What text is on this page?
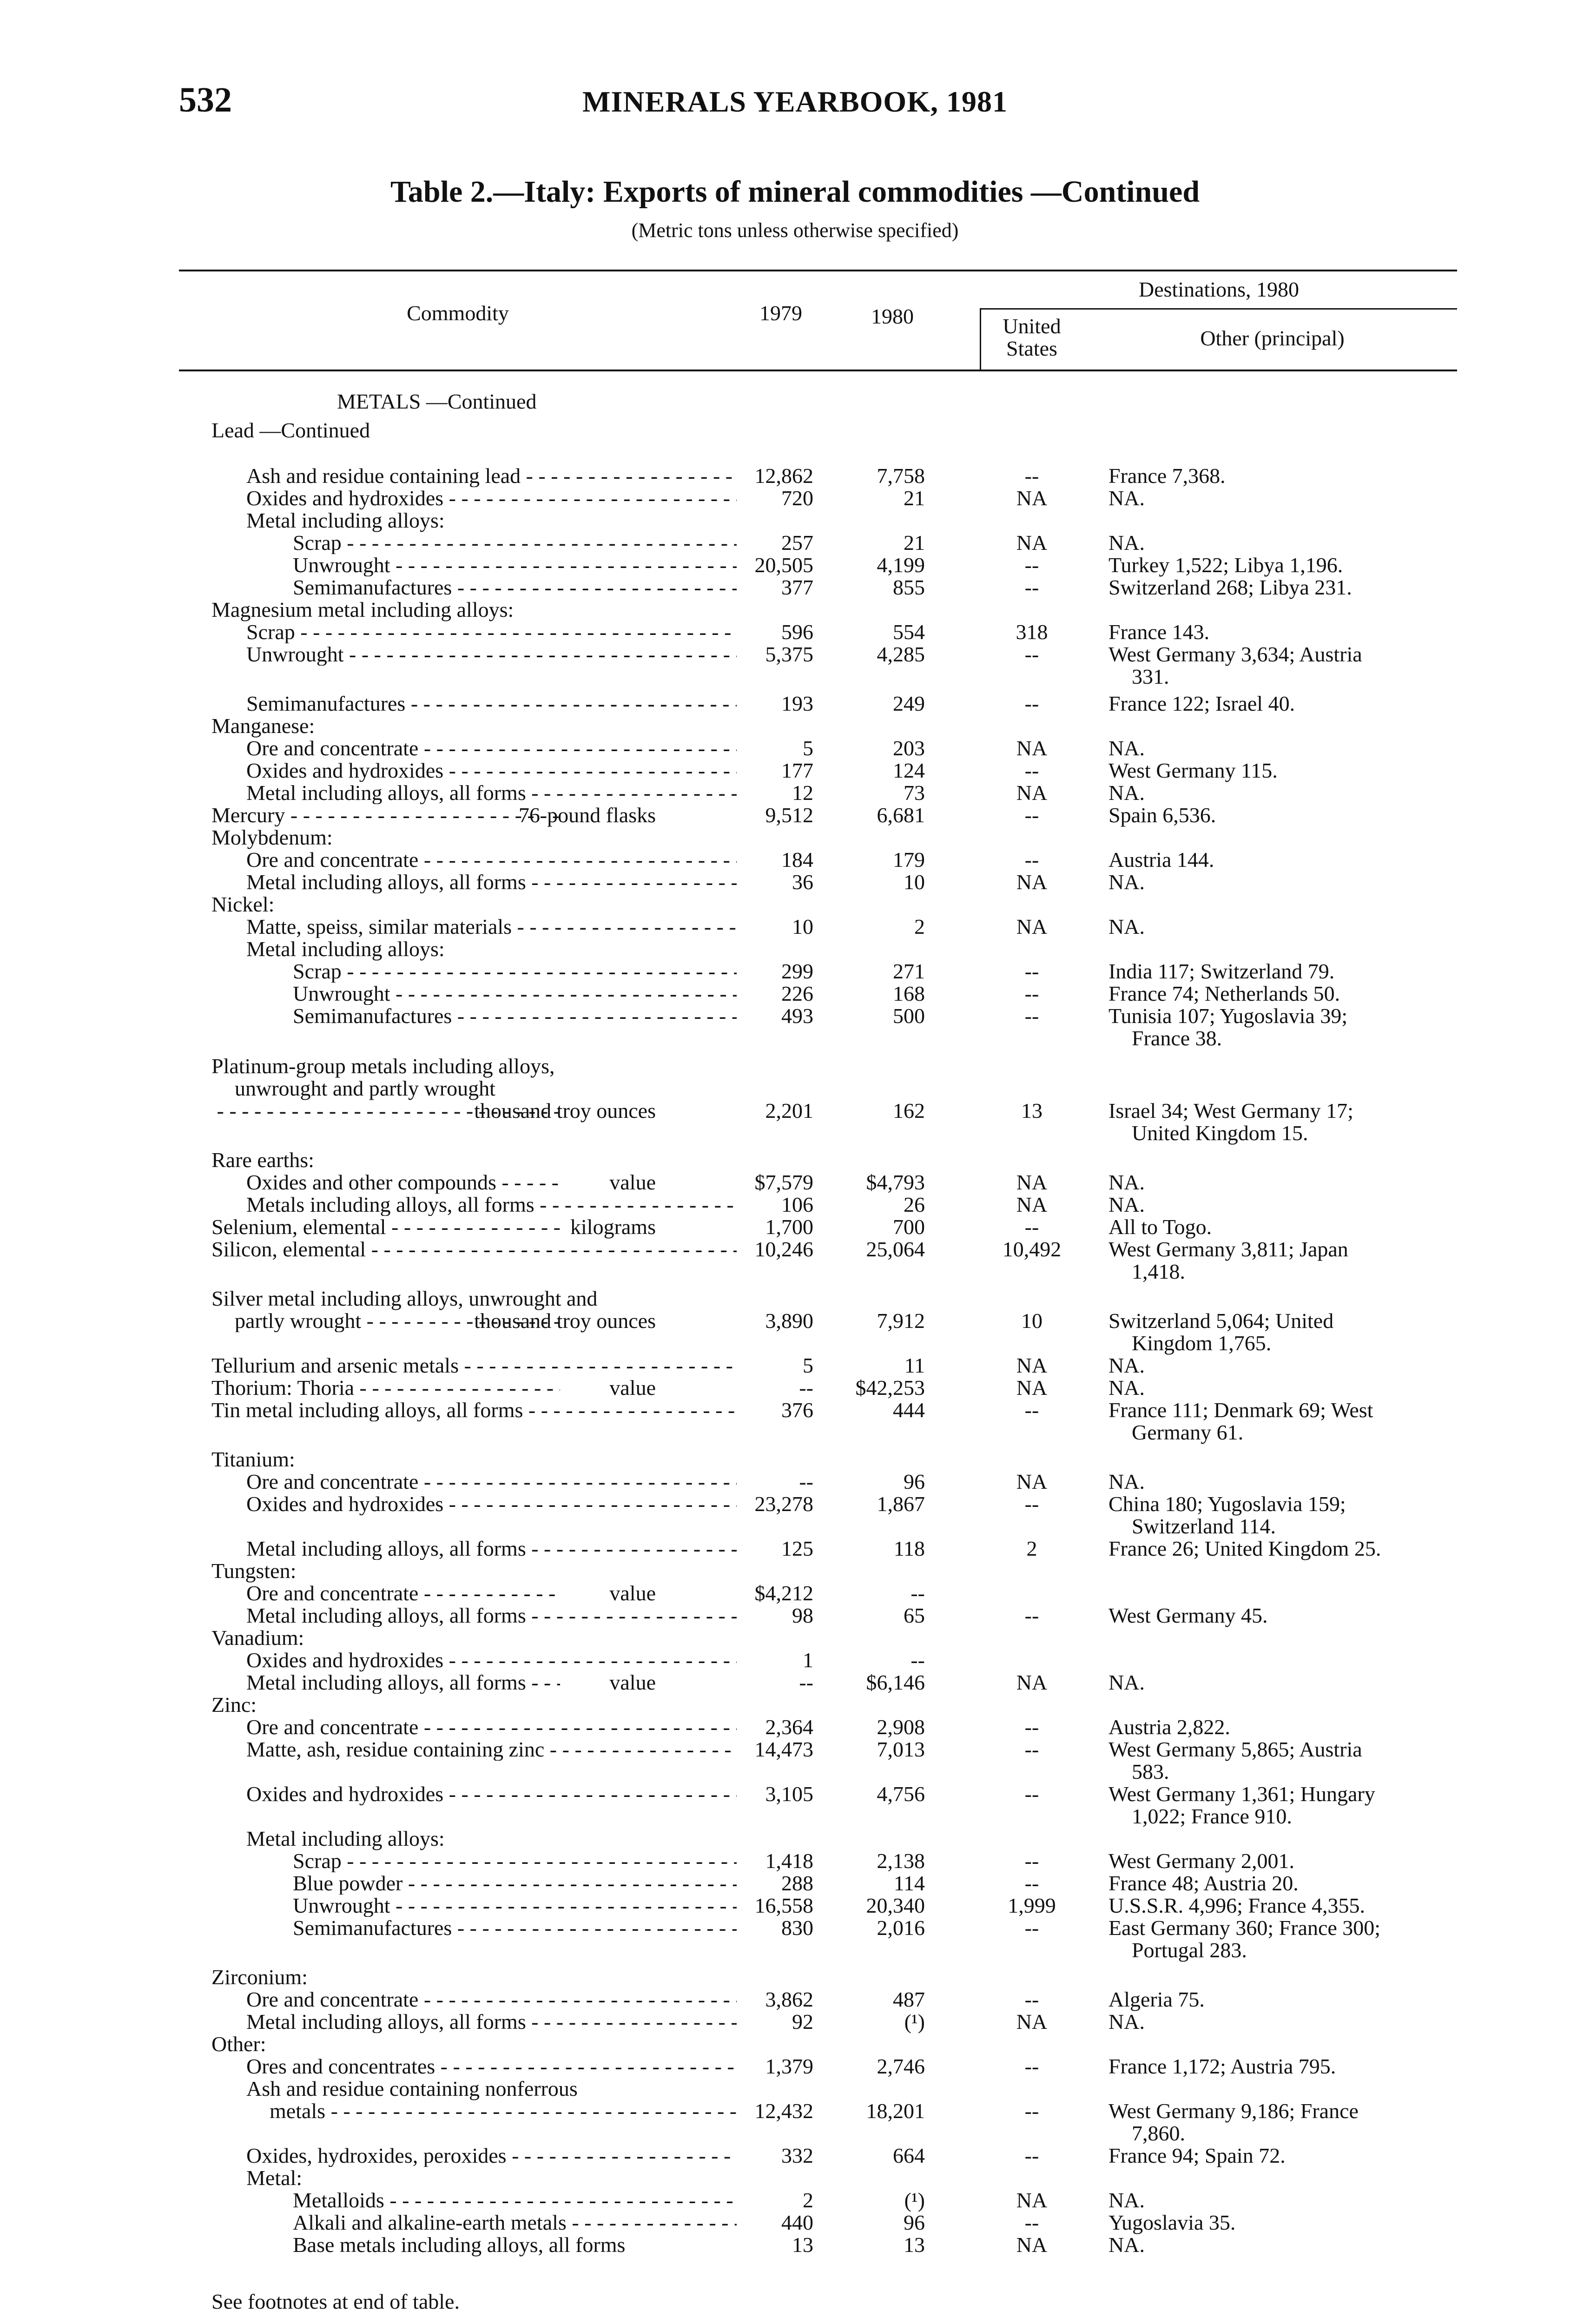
532	MINERALS YEARBOOK, 1981
Table 2.—Italy: Exports of mineral commodities —Continued
(Metric tons unless otherwise specified)
Commodity	1979	1980
Destinations, 1980
United
States	Other (principal)
METALS —Continued
Lead —Continued
Ash and residue containing lead - - -	12,862	7,758	--	France 7,368.
Oxides and hydroxides - - -	720	21	NA	NA.
Metal including alloys:
Scrap - - -	257	21	NA	NA.
Unwrought - - -	20,505	4,199	--	Turkey 1,522; Libya 1,196.
Semimanufactures - - -	377	855	--	Switzerland 268; Libya 231.
Magnesium metal including alloys:
Scrap - - -	596	554	318	France 143.
Unwrought - - -	5,375	4,285	--	West Germany 3,634; Austria
331.
Semimanufactures - - -	193	249	--	France 122; Israel 40.
Manganese:
Ore and concentrate - - -	5	203	NA	NA.
Oxides and hydroxides - - -	177	124	--	West Germany 115.
Metal including alloys, all forms - - -	12	73	NA	NA.
Mercury - - -	76-pound flasks	9,512	6,681	--	Spain 6,536.
Molybdenum:
Ore and concentrate - - -	184	179	--	Austria 144.
Metal including alloys, all forms - - -	36	10	NA	NA.
Nickel:
Matte, speiss, similar materials - - -	10	2	NA	NA.
Metal including alloys:
Scrap - - -	299	271	--	India 117; Switzerland 79.
Unwrought - - -	226	168	--	France 74; Netherlands 50.
Semimanufactures - - -	493	500	--	Tunisia 107; Yugoslavia 39;
France 38.
Platinum-group metals including alloys,
unwrought and partly wrought
- - -
thousand troy ounces	2,201	162	13	Israel 34; West Germany 17;
United Kingdom 15.
Rare earths:
Oxides and other compounds - - -	value	$7,579	$4,793	NA	NA.
Metals including alloys, all forms - - -	106	26	NA	NA.
Selenium, elemental - - -	kilograms	1,700	700	--	All to Togo.
Silicon, elemental - - -	10,246	25,064	10,492	West Germany 3,811; Japan
1,418.
Silver metal including alloys, unwrought and
partly wrought - - -	thousand troy ounces	3,890	7,912	10	Switzerland 5,064; United
Kingdom 1,765.
Tellurium and arsenic metals - - -	5	11	NA	NA.
Thorium: Thoria - - -	value	-- $42,253	NA	NA.
Tin metal including alloys, all forms - - -	376	444	--	France 111; Denmark 69; West
Germany 61.
Titanium:
Ore and concentrate - - -	--	96	NA	NA.
Oxides and hydroxides - - -	23,278	1,867	--	China 180; Yugoslavia 159;
Switzerland 114.
Metal including alloys, all forms - - -	125	118	2	France 26; United Kingdom 25.
Tungsten:
Ore and concentrate - - -	value	$4,212	--
Metal including alloys, all forms - - -	98	65	--	West Germany 45.
Vanadium:
Oxides and hydroxides - - -	1	--
Metal including alloys, all forms - - -	value	--	$6,146	NA	NA.
Zinc:
Ore and concentrate - - -	2,364	2,908	--	Austria 2,822.
Matte, ash, residue containing zinc - - -	14,473	7,013	--	West Germany 5,865; Austria
583.
Oxides and hydroxides - - -	3,105	4,756	--	West Germany 1,361; Hungary
1,022; France 910.
Metal including alloys:
Scrap - - -	1,418	2,138	--	West Germany 2,001.
Blue powder - - -	288	114	--	France 48; Austria 20.
Unwrought - - -	16,558	20,340	1,999	U.S.S.R. 4,996; France 4,355.
Semimanufactures - - -	830	2,016	--	East Germany 360; France 300;
Portugal 283.
Zirconium:
Ore and concentrate - - -	3,862	487	--	Algeria 75.
Metal including alloys, all forms - - -	92	(¹)	NA	NA.
Other:
Ores and concentrates - - -	1,379	2,746	--	France 1,172; Austria 795.
Ash and residue containing nonferrous
metals - - -	12,432	18,201	--	West Germany 9,186; France
7,860.
Oxides, hydroxides, peroxides - - -	332	664	--	France 94; Spain 72.
Metal:
Metalloids - - -	2	(¹)	NA	NA.
Alkali and alkaline-earth metals - - -	440	96	--	Yugoslavia 35.
Base metals including alloys, all forms	13	13	NA	NA.
See footnotes at end of table.
